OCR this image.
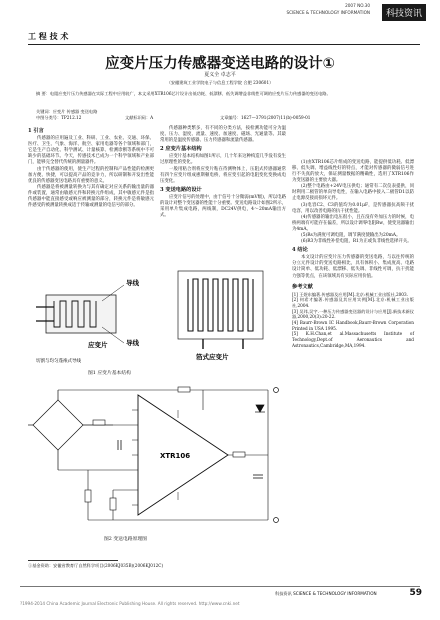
SCIENCE & TECHNOLOGY INFORMATION
2007 NO.30
科技资讯
工 程 技 术
应变片压力传感器变送电路的设计①
夏义全 卓志平
（安徽建筑工业学院电子与信息工程学院 合肥 230601）
摘 要：电阻应变片压力传感器在实际工程中应用较广，本文采用XTR106芯片设计出低功耗、低漂移、低失调增益非线性可调的应变片压力传感器的变送电路。
关键词：应变片 传感器 变送电路
中图分类号：TP212.12	文献标识码：A	文章编号：1627—3791(2007)11(b)-0059-01
1 引言
传感器的应用遍及工业、科研、工业、农业、交通、环保、医疗、卫生、气象、海洋、航空、家用电器等各个领域和部门，它是生产自动化、科学测试、计量核算、检测诊断等系统中不可缺少的基础环节。今天，传感技术已成为一个科学领域和产业部门，能够完全替代传统的测量器件。
由于传感器的使用，使生产过程的控制和产品性能的检测更加方便、快捷，可以提高产品的竞争力，所以研制和开发出性能优良的传感器变送电路具有重要的意义。
传感器是将被测量转换为与其有确定对应关系的输出量的器件或装置，通常由敏感元件和转换元件组成，其中敏感元件是指传感器中能直接感受或响应被测量的部分，转换元件是将敏感元件感受的被测量转换成适于传输或测量的电信号的部分。
传感器种类繁多，有不同的分类方法，按检测功能可分为温度、压力、湿度、流量、速度、加速度、磁场、光通量等。其最常用的是温度传感器、压力传感器和流量传感器。
2 应变片基本结构
应变片基本结构如图1所示，几十年来这种构造几乎没有发生过原理性的变化。
一般用粘合剂将应变片粘在待测物体上，压阻式传感器通常有四个应变片组成惠斯顿电桥，将应变引起的电阻变化变换成电压变化。
3 变送电路的设计
应变片信号的处理中，由于信号十分微弱(mV级)，所以电路的设计对整个变送器的性能十分重要。变送电路设计如图2所示，采用单片集成电路，两线制，DC24V供电，4～20mA输出方式。
(1)由XTR106芯片组成的变送电路，能提供低功耗、低漂移、低失调、增益线性好的特点，才能对传感器的微弱信号进行不失真的放大，保证测量数据的精确性，选用了XTR106作为变送器的主要放大器。
(2)整个电路由+24V电压供电；通常有二次仪表提供，同时利用二极管的单向导电性，在输入电路中接入二极管D1以防止电源反接而损坏元件。
(3)电容C2、C3的值均为0.01μF，是传感器抗高频干扰电容，用以改善电路的抗干扰性能。
(4)传感器的输出电压很小，且在没有外加压力的时候，电桥两端有可能存在偏差，所以设计调零电阻Rw，使变送器输出为4mA。
(5)Rs为满度可调电阻，调节满度使输出为20mA。
(6)R3为非线性补偿电阻，R1为正或负非线性选择开关。
4 结论
本文设计的应变片压力传感器的变送电路，与以往传统的分立元件设计的变送电路相比，具有体积小、集成度高、电路设计简单、低功耗、低漂移、低失调、非线性可调，抗干扰能力强等优点，在该领域具有实际应用价值。
参考文献
[1] 王煜东编著.传感器及应用[M].北京:机械工业出版社,2003.
[2] 何希才编著.传感器及其应用实例[M].北京:机械工业出版社,2004.
[3] 吴玮,吴宇.一种压力传感器变送器的设计与应用[J].新技术新仪器,2000,20(3):20-22.
[4] Baurr-Brown IC Handbook,Baurr-Brown Corporation Printed in USA 1995.
[5] K.H.Chan,et al.Massachusetts Institute of Technology,Dept.of Aeronautics and Astronautics,Cambridge,MA,1994.
导线
导线
应变片
切割与均匀蓬裱式导线
箔式应变片
图1 应变片基本结构
XTR106
图2 变送电路原理图
①基金资助：安徽省教育厅自然科学项目(2006KJ035B)(2006KJ012C)
?1994-2014 China Academic Journal Electronic Publishing House. All rights reserved. http://www.cnki.net
科技资讯 SCIENCE & TECHNOLOGY INFORMATION	59
